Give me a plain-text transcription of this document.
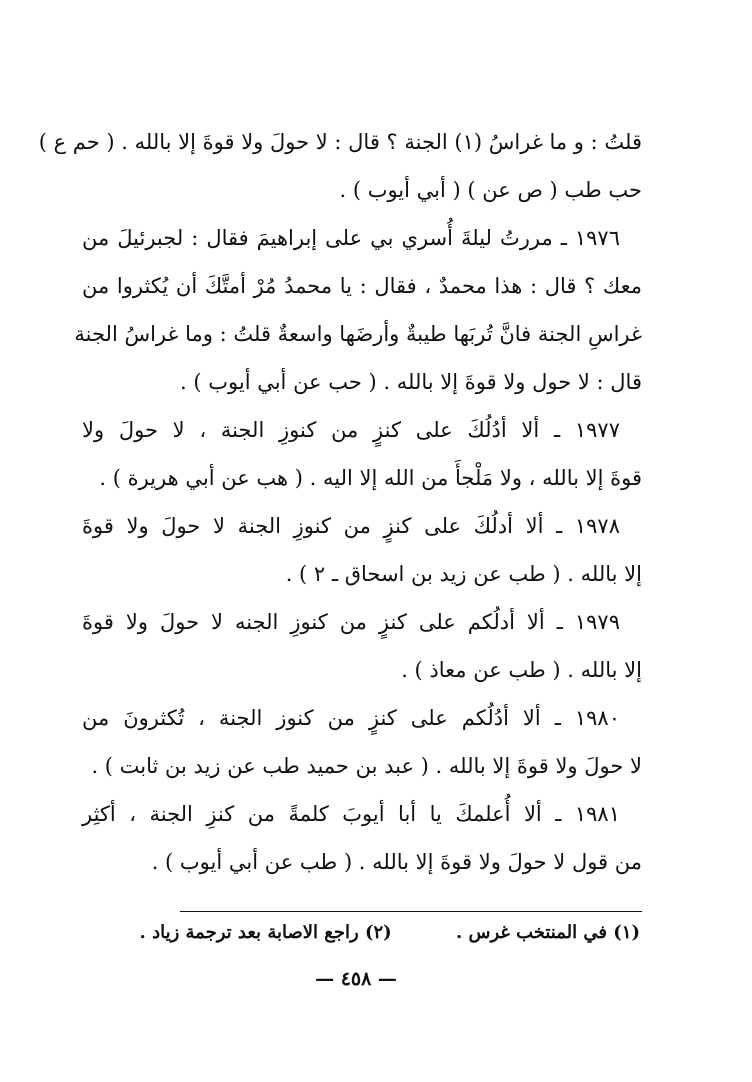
قلتُ : و ما غراسُ (١) الجنة ؟ قال : لا حولَ ولا قوةَ إلا بالله . ( حم ع )
حب طب ( ص عن ) ( أبي أيوب ) .
١٩٧٦ ـ مررتُ ليلةَ أُسري بي على إبراهيمَ فقال : لجبرئيلَ من
معك ؟ قال : هذا محمدٌ ، فقال : يا محمدُ مُرْ أمتَّكَ أن يُكثروا من
غراسِ الجنة فانَّ تُربَها طيبةٌ وأرضَها واسعةٌ قلتُ : وما غراسُ الجنة
قال : لا حول ولا قوةَ إلا بالله . ( حب عن أبي أيوب ) .
١٩٧٧ ـ ألا أدُلُكَ على كنزٍ من كنوزِ الجنة ، لا حولَ ولا
قوةَ إلا بالله ، ولا مَلْجأَ من الله إلا اليه . ( هب عن أبي هريرة ) .
١٩٧٨ ـ ألا أدلُكَ على كنزٍ من كنوزِ الجنة لا حولَ ولا قوةَ
إلا بالله . ( طب عن زيد بن اسحاق ـ ٢ ) .
١٩٧٩ ـ ألا أدلُكم على كنزٍ من كنوزِ الجنه لا حولَ ولا قوةَ
إلا بالله . ( طب عن معاذ ) .
١٩٨٠ ـ ألا أدُلُكم على كنزٍ من كنوز الجنة ، تُكثرونَ من
لا حولَ ولا قوةَ إلا بالله . ( عبد بن حميد طب عن زيد بن ثابت ) .
١٩٨١ ـ ألا أُعلمكَ يا أبا أيوبَ كلمةً من كنزِ الجنة ، أكثِر
من قول لا حولَ ولا قوةَ إلا بالله . ( طب عن أبي أيوب ) .
(١) في المنتخب غرس . (٢) راجع الاصابة بعد ترجمة زياد .
— ٤٥٨ —
